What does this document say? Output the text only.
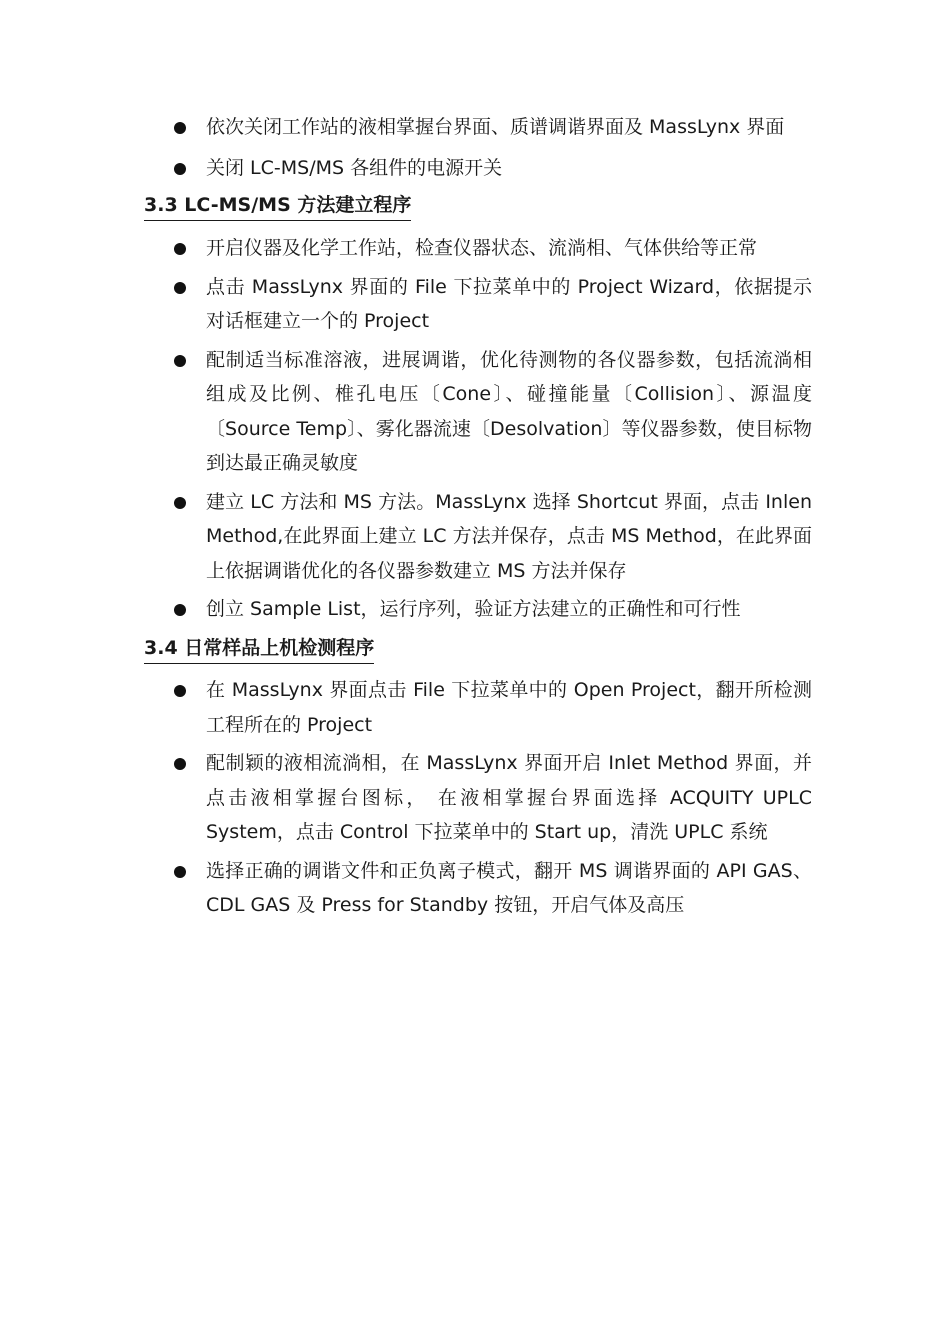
依次关闭工作站的液相掌握台界面、质谱调谐界面及 MassLynx 界面
关闭 LC-MS/MS 各组件的电源开关
3.3 LC-MS/MS 方法建立程序
开启仪器及化学工作站，检查仪器状态、流淌相、气体供给等正常
点击 MassLynx 界面的 File 下拉菜单中的 Project Wizard，依据提示对话框建立一个的 Project
配制适当标准溶液，进展调谐，优化待测物的各仪器参数，包括流淌相组成及比例、椎孔电压〔Cone〕、碰撞能量〔Collision〕、源温度〔Source Temp〕、雾化器流速〔Desolvation〕等仪器参数，使目标物到达最正确灵敏度
建立 LC 方法和 MS 方法。MassLynx 选择 Shortcut 界面，点击 Inlen Method,在此界面上建立 LC 方法并保存，点击 MS Method，在此界面上依据调谐优化的各仪器参数建立 MS 方法并保存
创立 Sample List，运行序列，验证方法建立的正确性和可行性
3.4 日常样品上机检测程序
在 MassLynx 界面点击 File 下拉菜单中的 Open Project，翻开所检测工程所在的 Project
配制颖的液相流淌相，在 MassLynx 界面开启 Inlet Method 界面，并点击液相掌握台图标， 在液相掌握台界面选择 ACQUITY UPLC System，点击 Control 下拉菜单中的 Start up，清洗 UPLC 系统
选择正确的调谐文件和正负离子模式，翻开 MS 调谐界面的 API GAS、CDL GAS 及 Press for Standby 按钮，开启气体及高压
